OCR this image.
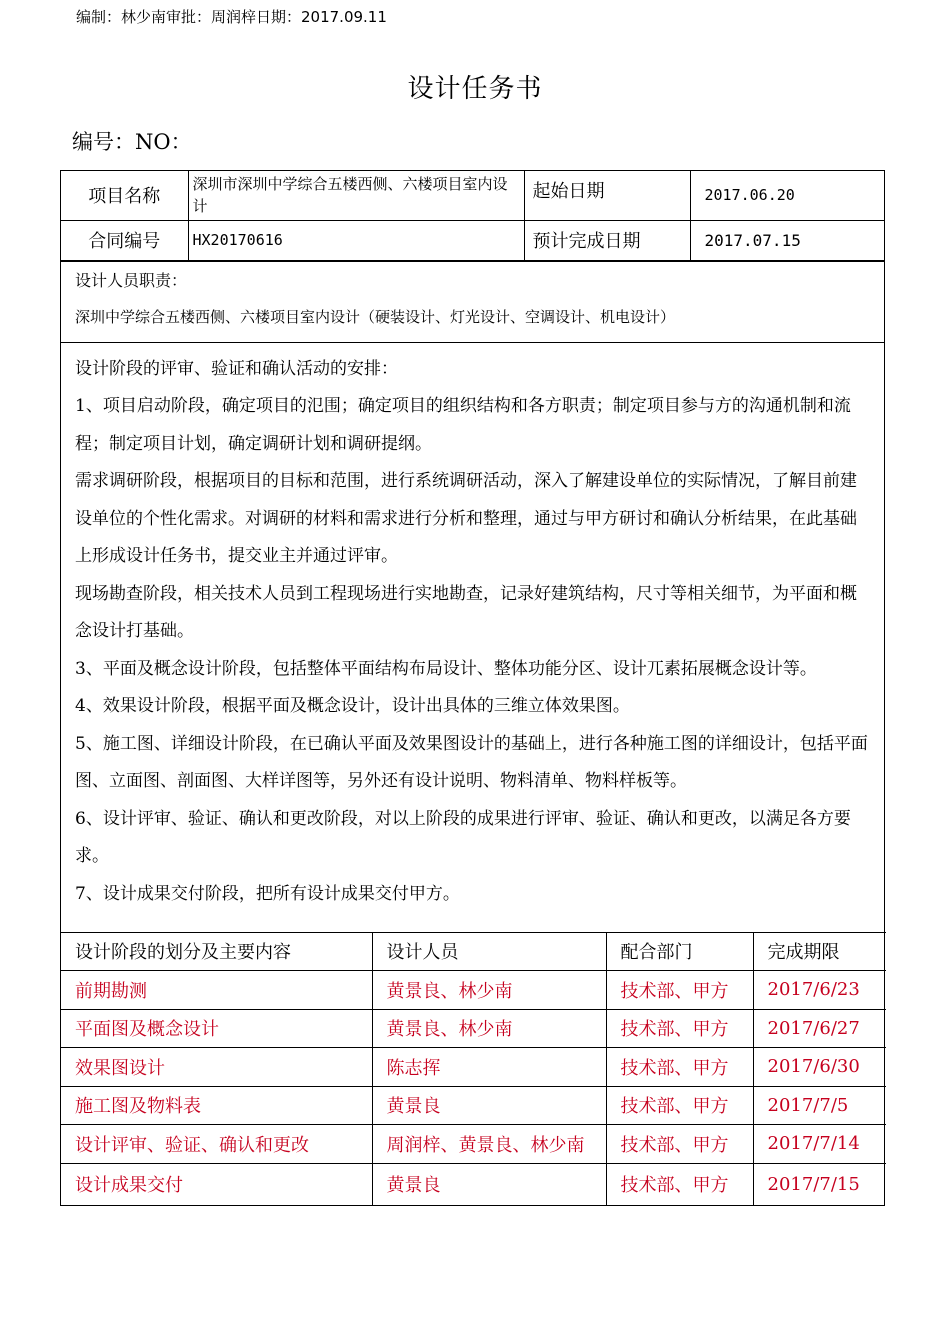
编制：林少南审批：周润梓日期：2017.09.11
设计任务书
编号：NO：
项目名称	深圳市深圳中学综合五楼西侧、六楼项目室内设计	起始日期	2017.06.20
合同编号	HX20170616	预计完成日期	2017.07.15
设计人员职责：
深圳中学综合五楼西侧、六楼项目室内设计（硬装设计、灯光设计、空调设计、机电设计）

设计阶段的评审、验证和确认活动的安排：

1、项目启动阶段，确定项目的氾围；确定项目的组织结构和各方职责；制定项目参与方的沟通机制和流程；制定项目计划，确定调研计划和调研提纲。

需求调研阶段，根据项目的目标和范围，进行系统调研活动，深入了解建设单位的实际情况，了解目前建设单位的个性化需求。对调研的材料和需求进行分析和整理，通过与甲方研讨和确认分析结果，在此基础上形成设计任务书，提交业主并通过评审。

现场勘查阶段，相关技术人员到工程现场进行实地勘查，记录好建筑结构，尺寸等相关细节，为平面和概念设计打基础。

3、平面及概念设计阶段，包括整体平面结构布局设计、整体功能分区、设计兀素拓展概念设计等。

4、效果设计阶段，根据平面及概念设计，设计出具体的三维立体效果图。

5、施工图、详细设计阶段，在已确认平面及效果图设计的基础上，进行各种施工图的详细设计，包括平面图、立面图、剖面图、大样详图等，另外还有设计说明、物料清单、物料样板等。

6、设计评审、验证、确认和更改阶段，对以上阶段的成果进行评审、验证、确认和更改，以满足各方要求。

7、设计成果交付阶段，把所有设计成果交付甲方。

设计阶段的划分及主要内容	设计人员	配合部门	完成期限
前期勘测	黄景良、林少南	技术部、甲方	2017/6/23
平面图及概念设计	黄景良、林少南	技术部、甲方	2017/6/27
效果图设计	陈志挥	技术部、甲方	2017/6/30
施工图及物料表	黄景良	技术部、甲方	2017/7/5
设计评审、验证、确认和更改	周润梓、黄景良、林少南	技术部、甲方	2017/7/14
设计成果交付	黄景良	技术部、甲方	2017/7/15
